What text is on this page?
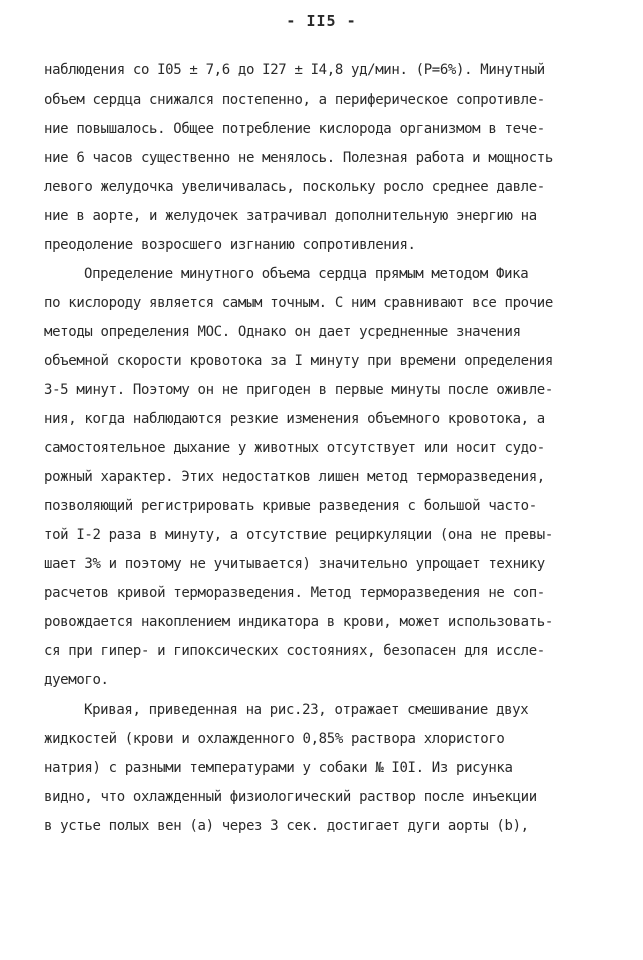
- II5 -
наблюдения со I05 ± 7,6 до I27 ± I4,8 уд/мин. (Р=6%). Минутный
объем сердца снижался постепенно, а периферическое сопротивле-
ние повышалось. Общее потребление кислорода организмом в тече-
ние 6 часов существенно не менялось. Полезная работа и мощность
левого желудочка увеличивалась, поскольку росло среднее давле-
ние в аорте, и желудочек затрачивал дополнительную энергию на
преодоление возросшего изгнанию сопротивления.
Определение минутного объема сердца прямым методом Фика
по кислороду является самым точным. С ним сравнивают все прочие
методы определения МОС. Однако он дает усредненные значения
объемной скорости кровотока за I минуту при времени определения
3-5 минут. Поэтому он не пригоден в первые минуты после оживле-
ния, когда наблюдаются резкие изменения объемного кровотока, а
самостоятельное дыхание у животных отсутствует или носит судо-
рожный характер. Этих недостатков лишен метод терморазведения,
позволяющий регистрировать кривые разведения с большой часто-
той I-2 раза в минуту, а отсутствие рециркуляции (она не превы-
шает 3% и поэтому не учитывается) значительно упрощает технику
расчетов кривой терморазведения. Метод терморазведения не соп-
ровождается накоплением индикатора в крови, может использовать-
ся при гипер- и гипоксических состояниях, безопасен для иссле-
дуемого.
Кривая, приведенная на рис.23, отражает смешивание двух
жидкостей (крови и охлажденного 0,85% раствора хлористого
натрия) с разными температурами у собаки № I0I. Из рисунка
видно, что охлажденный физиологический раствор после инъекции
в устье полых вен (а) через 3 сек. достигает дуги аорты (b),
